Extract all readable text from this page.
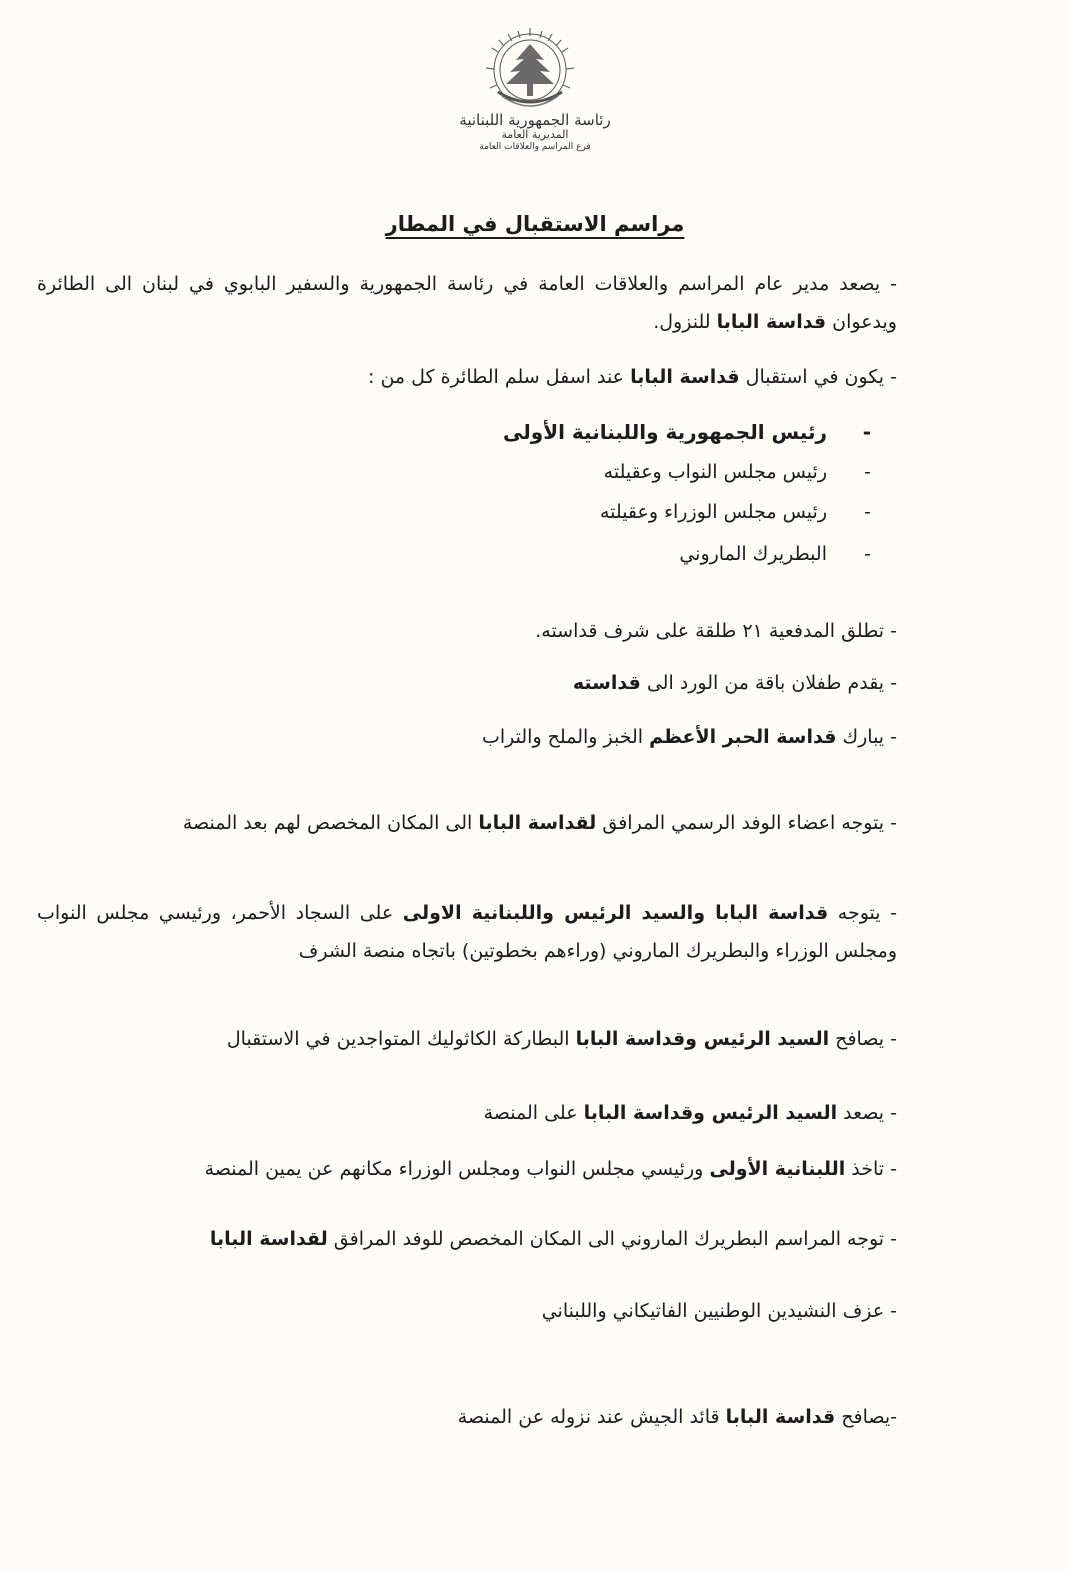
رئاسة الجمهورية اللبنانية
المديرية العامة
فرع المراسم والعلاقات العامة
مراسم الاستقبال في المطار
- يصعد مدير عام المراسم والعلاقات العامة في رئاسة الجمهورية والسفير البابوي في لبنان الى الطائرة ويدعوان قداسة البابا للنزول.
- يكون في استقبال قداسة البابا عند اسفل سلم الطائرة كل من :
-رئيس الجمهورية واللبنانية الأولى
-رئيس مجلس النواب وعقيلته
-رئيس مجلس الوزراء وعقيلته
-البطريرك الماروني
- تطلق المدفعية ٢١ طلقة على شرف قداسته.
- يقدم طفلان باقة من الورد الى قداسته
- يبارك قداسة الحبر الأعظم الخبز والملح والتراب
- يتوجه اعضاء الوفد الرسمي المرافق لقداسة البابا الى المكان المخصص لهم بعد المنصة
- يتوجه قداسة البابا والسيد الرئيس واللبنانية الاولى على السجاد الأحمر، ورئيسي مجلس النواب ومجلس الوزراء والبطريرك الماروني (وراءهم بخطوتين) باتجاه منصة الشرف
- يصافح السيد الرئيس وقداسة البابا البطاركة الكاثوليك المتواجدين في الاستقبال
- يصعد السيد الرئيس وقداسة البابا على المنصة
- تاخذ اللبنانية الأولى ورئيسي مجلس النواب ومجلس الوزراء مكانهم عن يمين المنصة
- توجه المراسم البطريرك الماروني الى المكان المخصص للوفد المرافق لقداسة البابا
- عزف النشيدين الوطنيين الفاتيكاني واللبناني
-يصافح قداسة البابا قائد الجيش عند نزوله عن المنصة
